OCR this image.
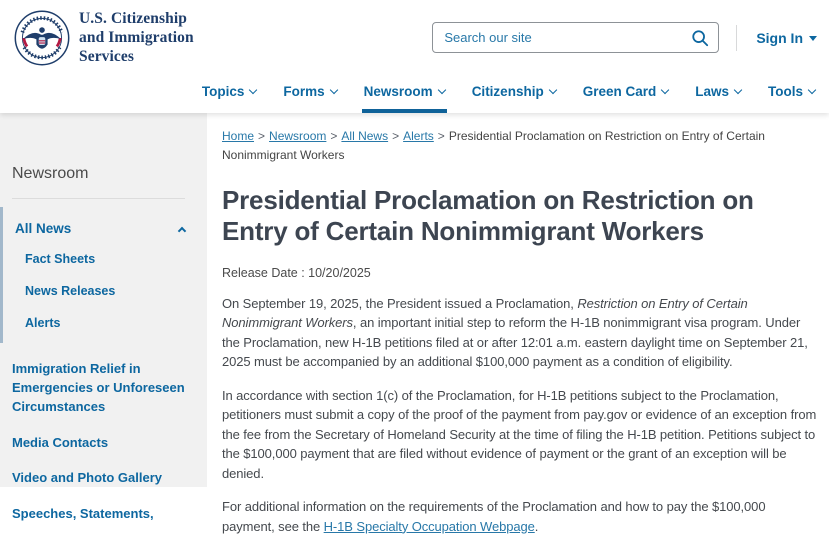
U.S. Citizenship
and Immigration
Services
Search our site
Sign In
Topics	Forms	Newsroom	Citizenship	Green Card	Laws	Tools
Newsroom
All News
Fact Sheets
News Releases
Alerts
Immigration Relief in Emergencies or Unforeseen Circumstances
Media Contacts
Video and Photo Gallery
Speeches, Statements,
Home > Newsroom > All News > Alerts > Presidential Proclamation on Restriction on Entry of Certain Nonimmigrant Workers
Presidential Proclamation on Restriction on Entry of Certain Nonimmigrant Workers
Release Date : 10/20/2025

On September 19, 2025, the President issued a Proclamation, Restriction on Entry of Certain Nonimmigrant Workers, an important initial step to reform the H-1B nonimmigrant visa program. Under the Proclamation, new H-1B petitions filed at or after 12:01 a.m. eastern daylight time on September 21, 2025 must be accompanied by an additional $100,000 payment as a condition of eligibility.

In accordance with section 1(c) of the Proclamation, for H-1B petitions subject to the Proclamation, petitioners must submit a copy of the proof of the payment from pay.gov or evidence of an exception from the fee from the Secretary of Homeland Security at the time of filing the H-1B petition. Petitions subject to the $100,000 payment that are filed without evidence of payment or the grant of an exception will be denied.

For additional information on the requirements of the Proclamation and how to pay the $100,000 payment, see the H-1B Specialty Occupation Webpage.
